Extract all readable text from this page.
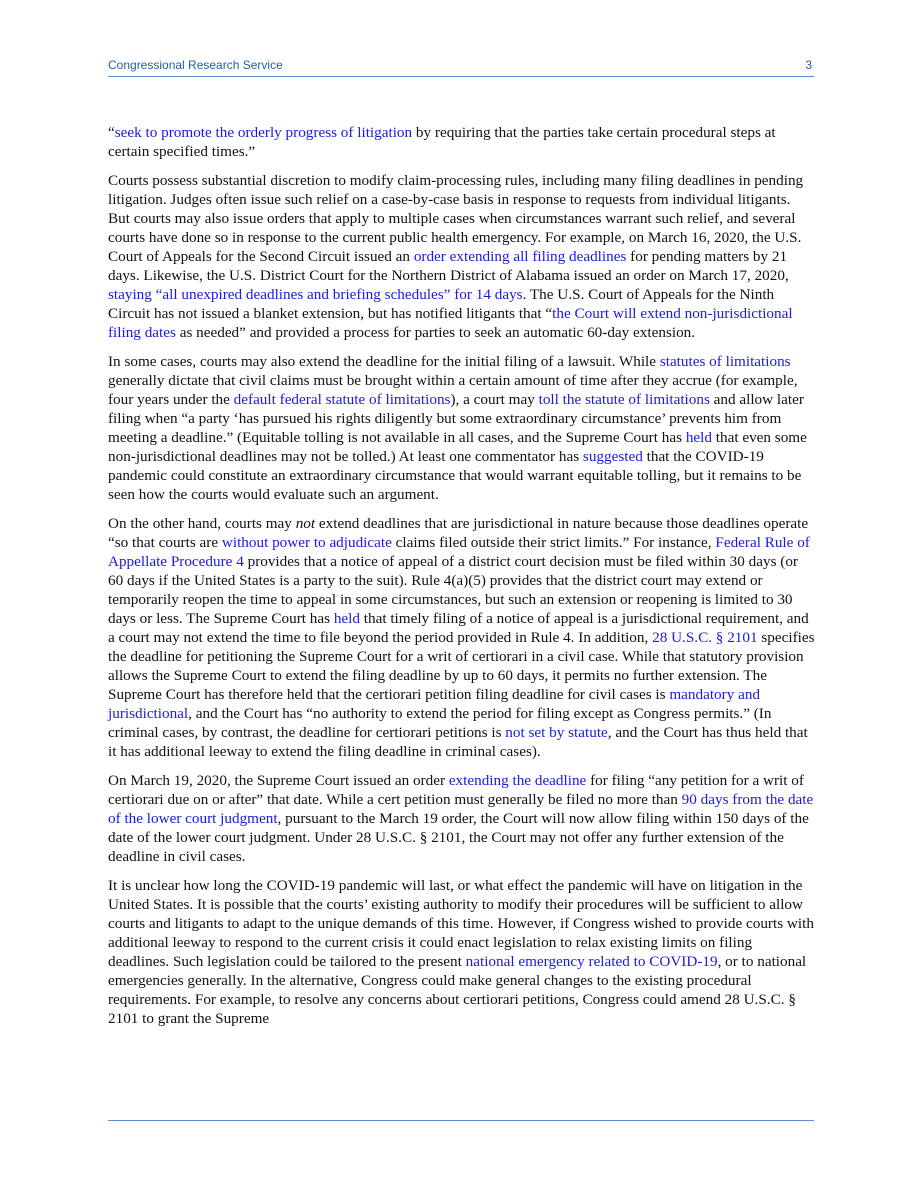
Congressional Research Service	3

“seek to promote the orderly progress of litigation by requiring that the parties take certain procedural steps at certain specified times.”

Courts possess substantial discretion to modify claim-processing rules, including many filing deadlines in pending litigation. Judges often issue such relief on a case-by-case basis in response to requests from individual litigants. But courts may also issue orders that apply to multiple cases when circumstances warrant such relief, and several courts have done so in response to the current public health emergency. For example, on March 16, 2020, the U.S. Court of Appeals for the Second Circuit issued an order extending all filing deadlines for pending matters by 21 days. Likewise, the U.S. District Court for the Northern District of Alabama issued an order on March 17, 2020, staying “all unexpired deadlines and briefing schedules” for 14 days. The U.S. Court of Appeals for the Ninth Circuit has not issued a blanket extension, but has notified litigants that “the Court will extend non-jurisdictional filing dates as needed” and provided a process for parties to seek an automatic 60-day extension.

In some cases, courts may also extend the deadline for the initial filing of a lawsuit. While statutes of limitations generally dictate that civil claims must be brought within a certain amount of time after they accrue (for example, four years under the default federal statute of limitations), a court may toll the statute of limitations and allow later filing when “a party ‘has pursued his rights diligently but some extraordinary circumstance’ prevents him from meeting a deadline.” (Equitable tolling is not available in all cases, and the Supreme Court has held that even some non-jurisdictional deadlines may not be tolled.) At least one commentator has suggested that the COVID-19 pandemic could constitute an extraordinary circumstance that would warrant equitable tolling, but it remains to be seen how the courts would evaluate such an argument.

On the other hand, courts may not extend deadlines that are jurisdictional in nature because those deadlines operate “so that courts are without power to adjudicate claims filed outside their strict limits.” For instance, Federal Rule of Appellate Procedure 4 provides that a notice of appeal of a district court decision must be filed within 30 days (or 60 days if the United States is a party to the suit). Rule 4(a)(5) provides that the district court may extend or temporarily reopen the time to appeal in some circumstances, but such an extension or reopening is limited to 30 days or less. The Supreme Court has held that timely filing of a notice of appeal is a jurisdictional requirement, and a court may not extend the time to file beyond the period provided in Rule 4. In addition, 28 U.S.C. § 2101 specifies the deadline for petitioning the Supreme Court for a writ of certiorari in a civil case. While that statutory provision allows the Supreme Court to extend the filing deadline by up to 60 days, it permits no further extension. The Supreme Court has therefore held that the certiorari petition filing deadline for civil cases is mandatory and jurisdictional, and the Court has “no authority to extend the period for filing except as Congress permits.” (In criminal cases, by contrast, the deadline for certiorari petitions is not set by statute, and the Court has thus held that it has additional leeway to extend the filing deadline in criminal cases).

On March 19, 2020, the Supreme Court issued an order extending the deadline for filing “any petition for a writ of certiorari due on or after” that date. While a cert petition must generally be filed no more than 90 days from the date of the lower court judgment, pursuant to the March 19 order, the Court will now allow filing within 150 days of the date of the lower court judgment. Under 28 U.S.C. § 2101, the Court may not offer any further extension of the deadline in civil cases.

It is unclear how long the COVID-19 pandemic will last, or what effect the pandemic will have on litigation in the United States. It is possible that the courts’ existing authority to modify their procedures will be sufficient to allow courts and litigants to adapt to the unique demands of this time. However, if Congress wished to provide courts with additional leeway to respond to the current crisis it could enact legislation to relax existing limits on filing deadlines. Such legislation could be tailored to the present national emergency related to COVID-19, or to national emergencies generally. In the alternative, Congress could make general changes to the existing procedural requirements. For example, to resolve any concerns about certiorari petitions, Congress could amend 28 U.S.C. § 2101 to grant the Supreme
